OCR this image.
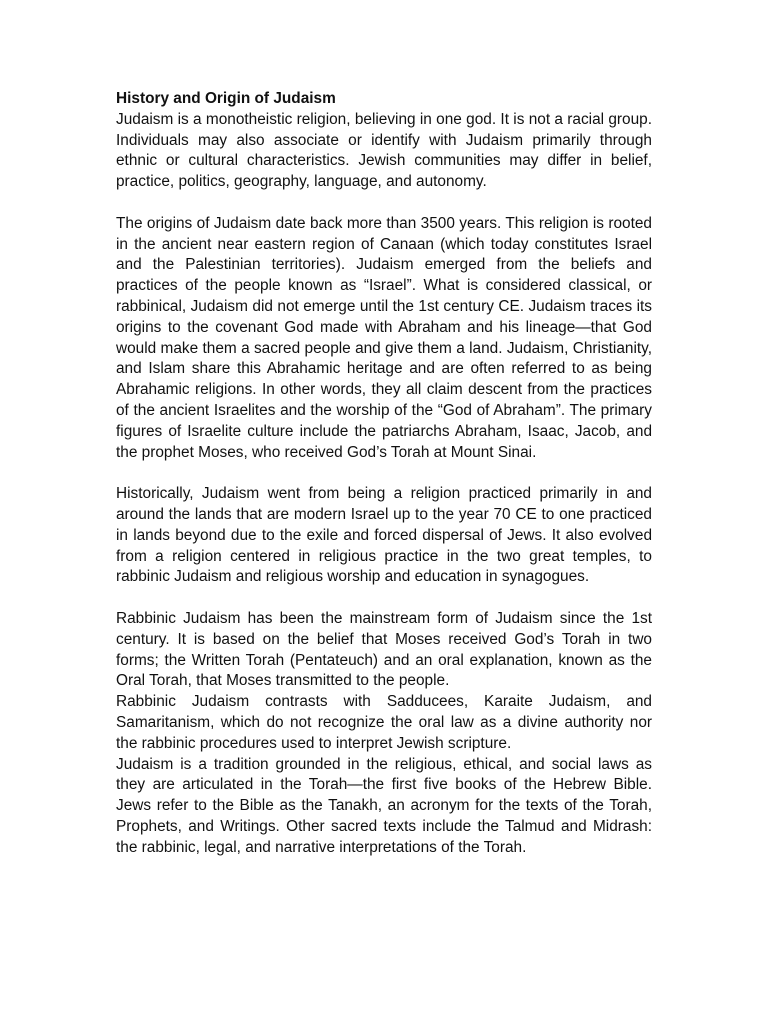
History and Origin of Judaism

Judaism is a monotheistic religion, believing in one god. It is not a racial group. Individuals may also associate or identify with Judaism primarily through ethnic or cultural characteristics. Jewish communities may differ in belief, practice, politics, geography, language, and autonomy.

The origins of Judaism date back more than 3500 years. This religion is rooted in the ancient near eastern region of Canaan (which today constitutes Israel and the Palestinian territories). Judaism emerged from the beliefs and practices of the people known as “Israel”. What is considered classical, or rabbinical, Judaism did not emerge until the 1st century CE. Judaism traces its origins to the covenant God made with Abraham and his lineage—that God would make them a sacred people and give them a land. Judaism, Christianity, and Islam share this Abrahamic heritage and are often referred to as being Abrahamic religions. In other words, they all claim descent from the practices of the ancient Israelites and the worship of the “God of Abraham”. The primary figures of Israelite culture include the patriarchs Abraham, Isaac, Jacob, and the prophet Moses, who received God’s Torah at Mount Sinai.

Historically, Judaism went from being a religion practiced primarily in and around the lands that are modern Israel up to the year 70 CE to one practiced in lands beyond due to the exile and forced dispersal of Jews. It also evolved from a religion centered in religious practice in the two great temples, to rabbinic Judaism and religious worship and education in synagogues.

Rabbinic Judaism has been the mainstream form of Judaism since the 1st century. It is based on the belief that Moses received God’s Torah in two forms; the Written Torah (Pentateuch) and an oral explanation, known as the Oral Torah, that Moses transmitted to the people.

Rabbinic Judaism contrasts with Sadducees, Karaite Judaism, and Samaritanism, which do not recognize the oral law as a divine authority nor the rabbinic procedures used to interpret Jewish scripture.

Judaism is a tradition grounded in the religious, ethical, and social laws as they are articulated in the Torah—the first five books of the Hebrew Bible. Jews refer to the Bible as the Tanakh, an acronym for the texts of the Torah, Prophets, and Writings. Other sacred texts include the Talmud and Midrash: the rabbinic, legal, and narrative interpretations of the Torah.
